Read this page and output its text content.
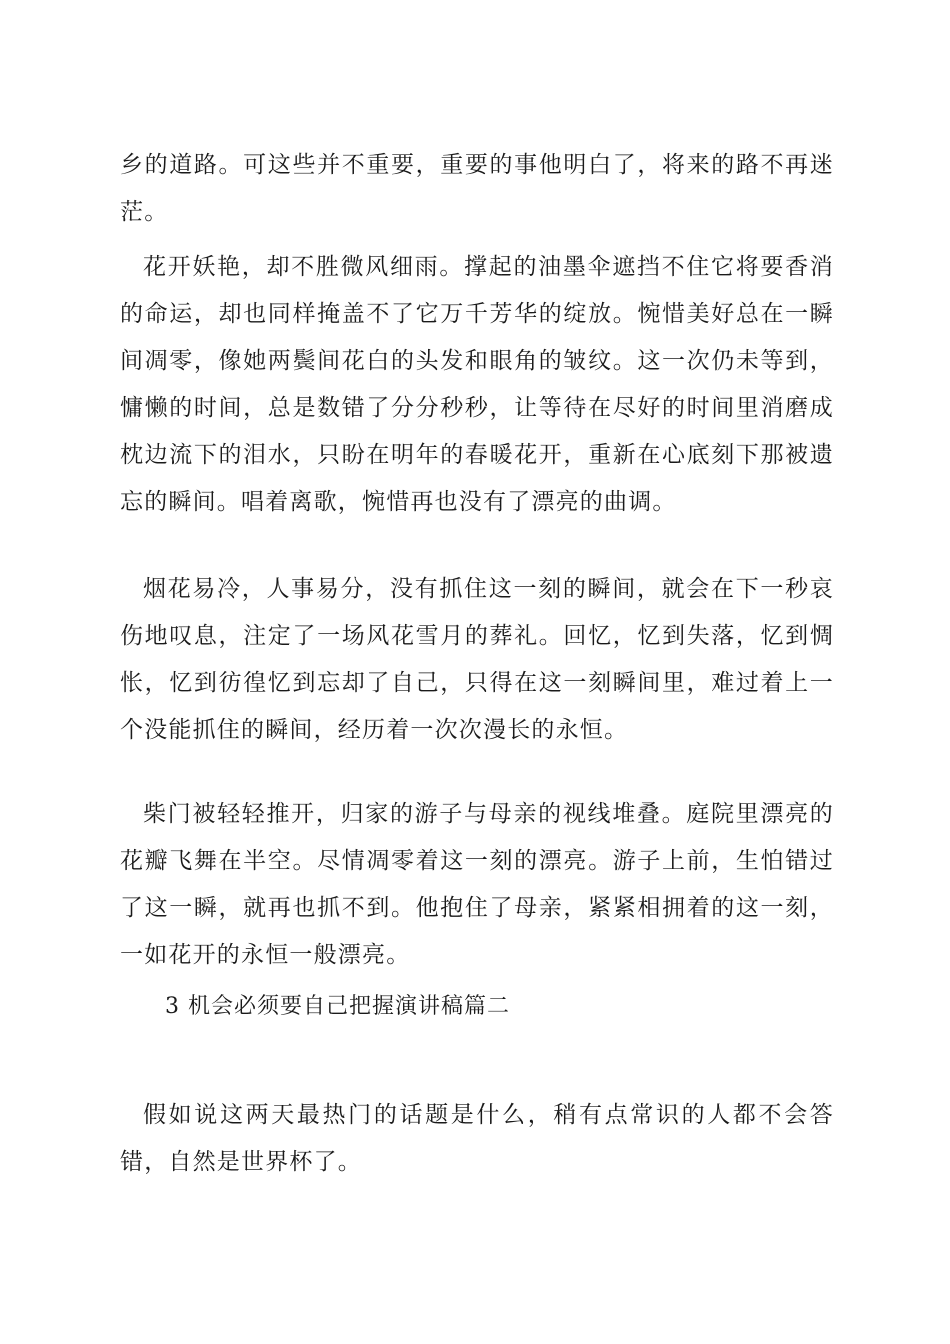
乡的道路。可这些并不重要，重要的事他明白了，将来的路不再迷茫。

花开妖艳，却不胜微风细雨。撑起的油墨伞遮挡不住它将要香消的命运，却也同样掩盖不了它万千芳华的绽放。惋惜美好总在一瞬间凋零，像她两鬓间花白的头发和眼角的皱纹。这一次仍未等到，慵懒的时间，总是数错了分分秒秒，让等待在尽好的时间里消磨成枕边流下的泪水，只盼在明年的春暖花开，重新在心底刻下那被遗忘的瞬间。唱着离歌，惋惜再也没有了漂亮的曲调。

烟花易冷，人事易分，没有抓住这一刻的瞬间，就会在下一秒哀伤地叹息，注定了一场风花雪月的葬礼。回忆，忆到失落，忆到惆怅，忆到彷徨忆到忘却了自己，只得在这一刻瞬间里，难过着上一个没能抓住的瞬间，经历着一次次漫长的永恒。

柴门被轻轻推开，归家的游子与母亲的视线堆叠。庭院里漂亮的花瓣飞舞在半空。尽情凋零着这一刻的漂亮。游子上前，生怕错过了这一瞬，就再也抓不到。他抱住了母亲，紧紧相拥着的这一刻，一如花开的永恒一般漂亮。

3 机会必须要自己把握演讲稿篇二

假如说这两天最热门的话题是什么，稍有点常识的人都不会答错，自然是世界杯了。
